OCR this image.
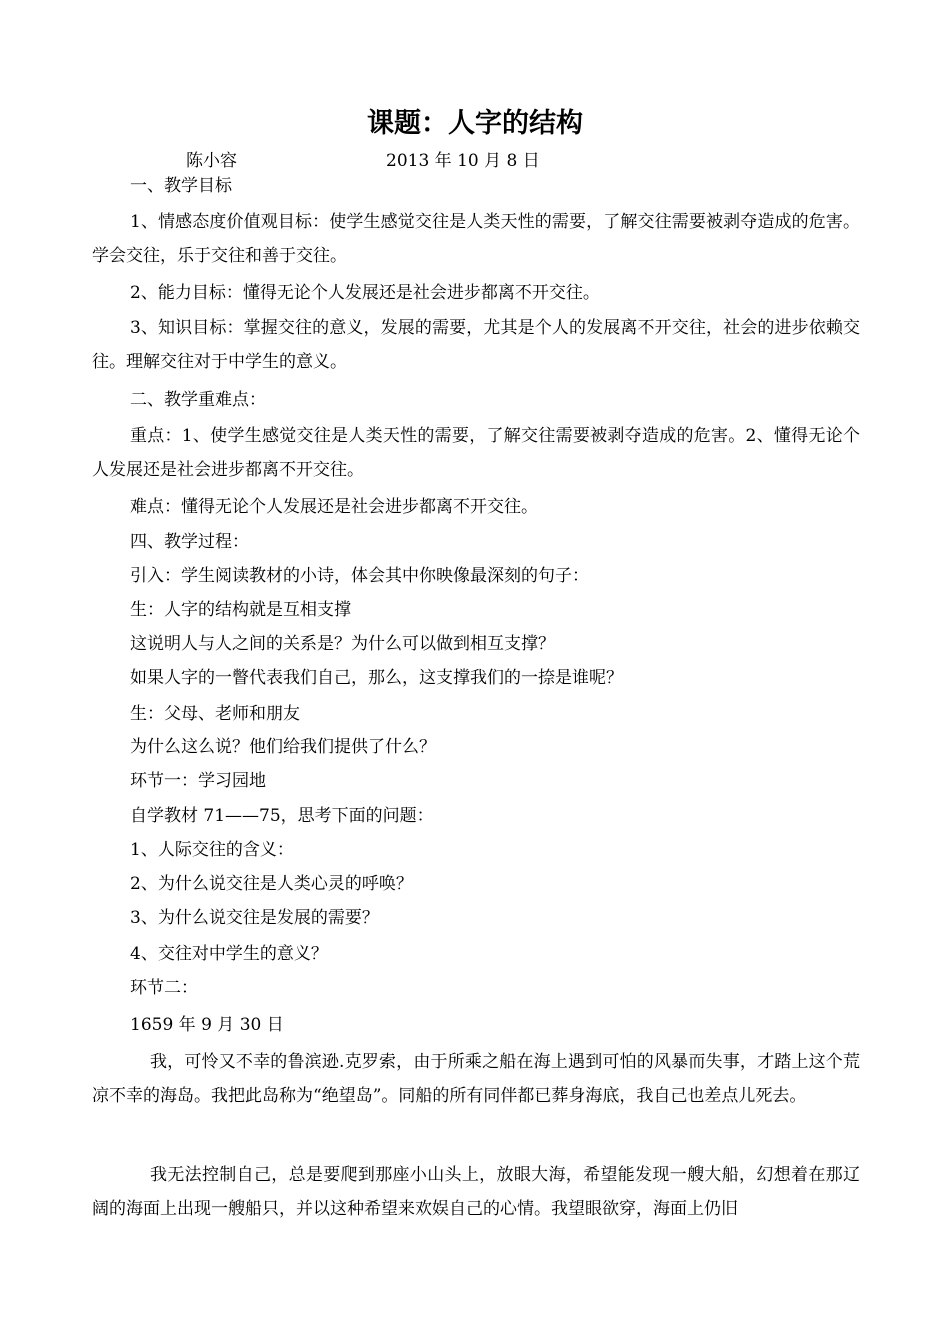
课题：人字的结构
陈小容	2013 年 10 月 8 日
一、教学目标
1、情感态度价值观目标：使学生感觉交往是人类天性的需要，了解交往需要被剥夺造成的危害。学会交往，乐于交往和善于交往。
2、能力目标：懂得无论个人发展还是社会进步都离不开交往。
3、知识目标：掌握交往的意义，发展的需要，尤其是个人的发展离不开交往，社会的进步依赖交往。理解交往对于中学生的意义。
二、教学重难点：
重点：1、使学生感觉交往是人类天性的需要，了解交往需要被剥夺造成的危害。2、懂得无论个人发展还是社会进步都离不开交往。
难点：懂得无论个人发展还是社会进步都离不开交往。
四、教学过程：
引入：学生阅读教材的小诗，体会其中你映像最深刻的句子：
生：人字的结构就是互相支撑
这说明人与人之间的关系是？为什么可以做到相互支撑？
如果人字的一瞥代表我们自己，那么，这支撑我们的一捺是谁呢？
生：父母、老师和朋友
为什么这么说？他们给我们提供了什么？
环节一：学习园地
自学教材 71——75，思考下面的问题：
1、人际交往的含义：
2、为什么说交往是人类心灵的呼唤？
3、为什么说交往是发展的需要？
4、交往对中学生的意义？
环节二：
1659 年 9 月 30 日
我，可怜又不幸的鲁滨逊.克罗索，由于所乘之船在海上遇到可怕的风暴而失事，才踏上这个荒凉不幸的海岛。我把此岛称为“绝望岛”。同船的所有同伴都已葬身海底，我自己也差点儿死去。
我无法控制自己，总是要爬到那座小山头上，放眼大海，希望能发现一艘大船，幻想着在那辽阔的海面上出现一艘船只，并以这种希望来欢娱自己的心情。我望眼欲穿，海面上仍旧
